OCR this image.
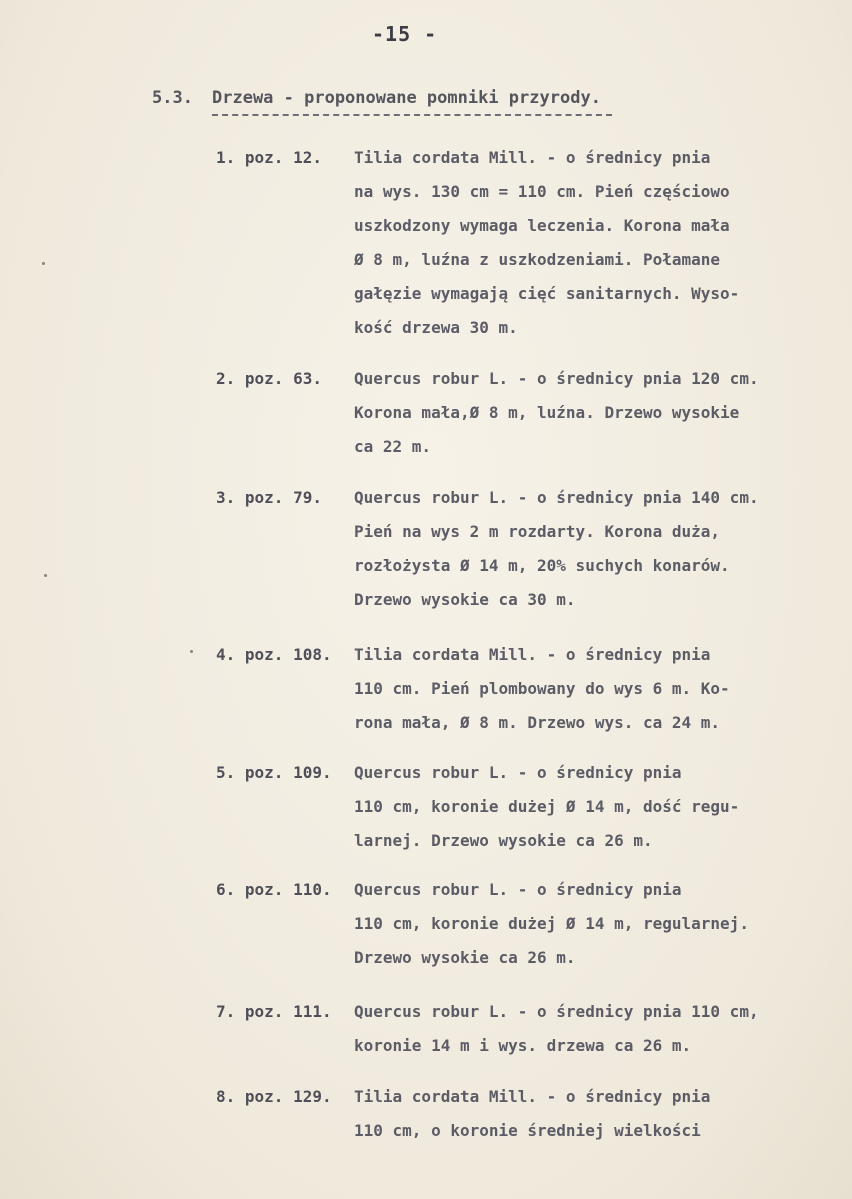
-15 -
5.3. Drzewa - proponowane pomniki przyrody.
1. poz. 12.	Tilia cordata Mill. - o średnicy pnia
na wys. 130 cm = 110 cm. Pień częściowo
uszkodzony wymaga leczenia. Korona mała
Ø 8 m, luźna z uszkodzeniami. Połamane
gałęzie wymagają cięć sanitarnych. Wyso-
kość drzewa 30 m.
2. poz. 63.	Quercus robur L. - o średnicy pnia 120 cm.
Korona mała,Ø 8 m, luźna. Drzewo wysokie
ca 22 m.
3. poz. 79.	Quercus robur L. - o średnicy pnia 140 cm.
Pień na wys 2 m rozdarty. Korona duża,
rozłożysta Ø 14 m, 20% suchych konarów.
Drzewo wysokie ca 30 m.
4. poz. 108.	Tilia cordata Mill. - o średnicy pnia
110 cm. Pień plombowany do wys 6 m. Ko-
rona mała, Ø 8 m. Drzewo wys. ca 24 m.
5. poz. 109.	Quercus robur L. - o średnicy pnia
110 cm, koronie dużej Ø 14 m, dość regu-
larnej. Drzewo wysokie ca 26 m.
6. poz. 110.	Quercus robur L. - o średnicy pnia
110 cm, koronie dużej Ø 14 m, regularnej.
Drzewo wysokie ca 26 m.
7. poz. 111.	Quercus robur L. - o średnicy pnia 110 cm,
koronie 14 m i wys. drzewa ca 26 m.
8. poz. 129.	Tilia cordata Mill. - o średnicy pnia
110 cm, o koronie średniej wielkości
